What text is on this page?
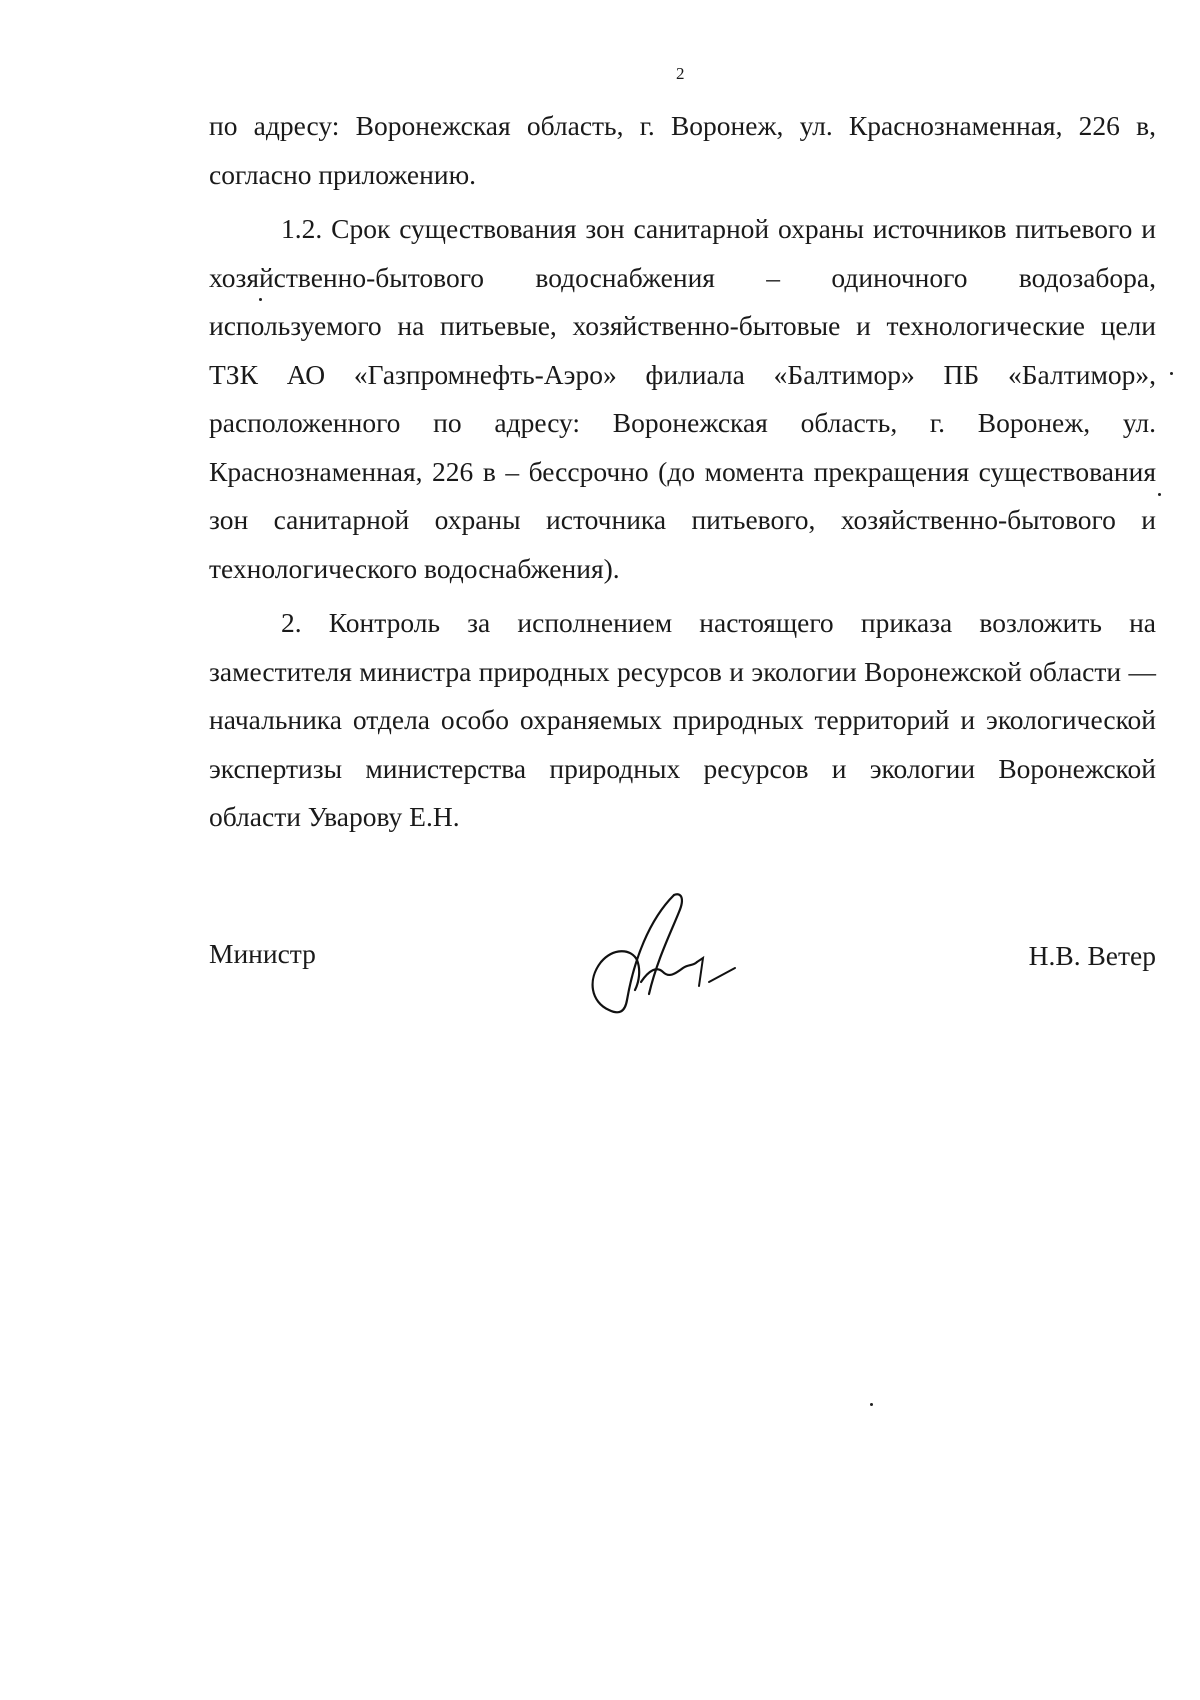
2

по адресу: Воронежская область, г. Воронеж, ул. Краснознаменная, 226 в, согласно приложению.

1.2. Срок существования зон санитарной охраны источников питьевого и хозяйственно-бытового водоснабжения – одиночного водозабора, используемого на питьевые, хозяйственно-бытовые и технологические цели ТЗК АО «Газпромнефть-Аэро» филиала «Балтимор» ПБ «Балтимор», расположенного по адресу: Воронежская область, г. Воронеж, ул. Краснознаменная, 226 в – бессрочно (до момента прекращения существования зон санитарной охраны источника питьевого, хозяйственно-бытового и технологического водоснабжения).

2. Контроль за исполнением настоящего приказа возложить на заместителя министра природных ресурсов и экологии Воронежской области — начальника отдела особо охраняемых природных территорий и экологической экспертизы министерства природных ресурсов и экологии Воронежской области Уварову Е.Н.

Министр	Н.В. Ветер
